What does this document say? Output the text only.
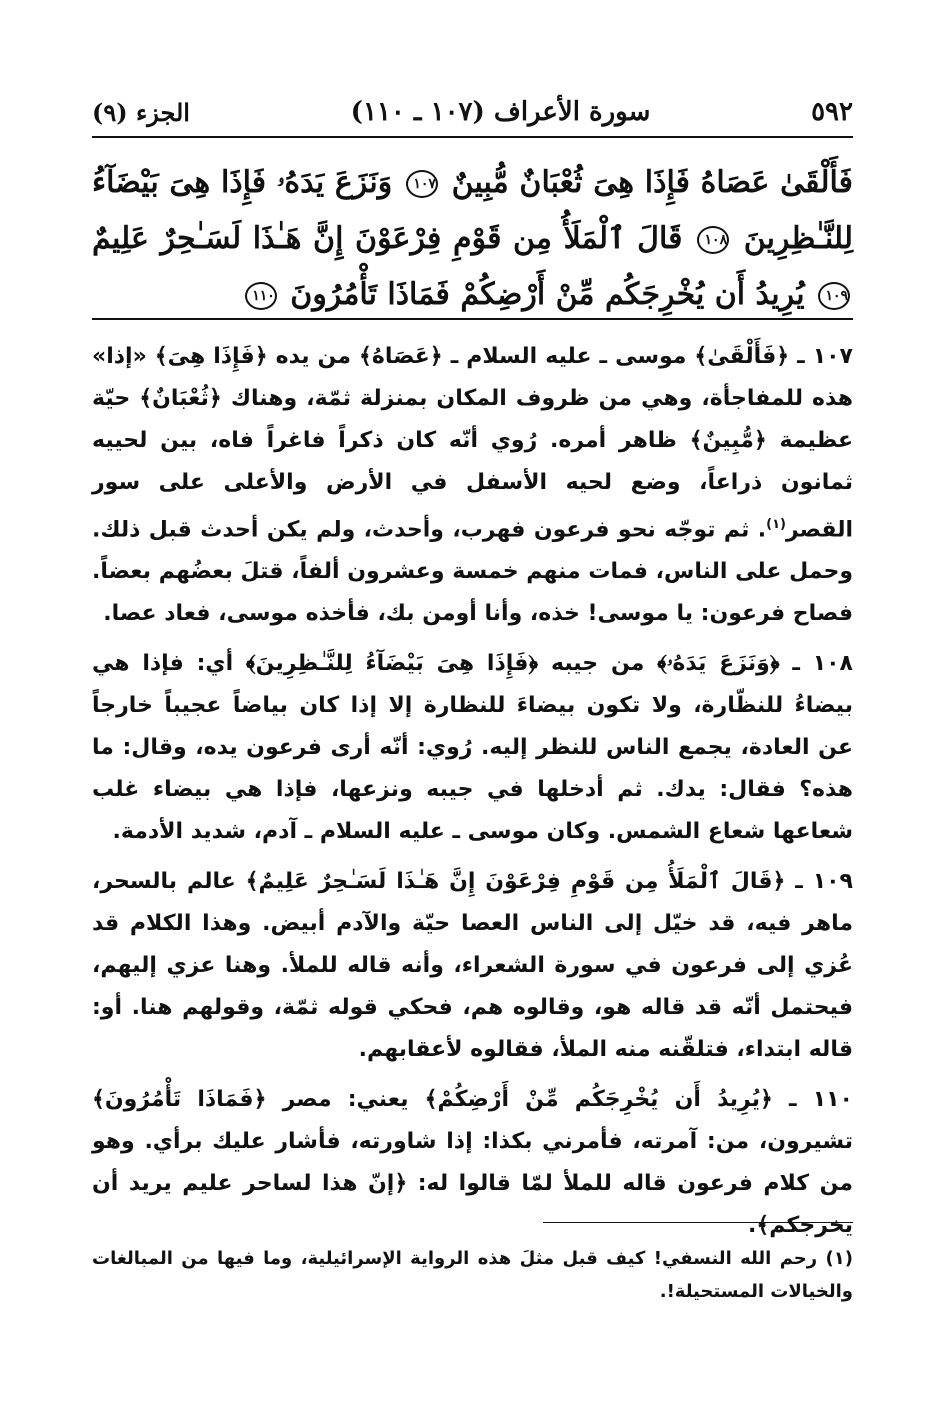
٥٩٢
سورة الأعراف (١٠٧ ـ ١١٠)
الجزء (٩)
فَأَلْقَىٰ عَصَاهُ فَإِذَا هِىَ ثُعْبَانٌ مُّبِينٌ ١٠٧ وَنَزَعَ يَدَهُۥ فَإِذَا هِىَ بَيْضَآءُ لِلنَّـٰظِرِينَ ١٠٨ قَالَ ٱلْمَلَأُ مِن قَوْمِ فِرْعَوْنَ إِنَّ هَـٰذَا لَسَـٰحِرٌ عَلِيمٌ ١٠٩ يُرِيدُ أَن يُخْرِجَكُم مِّنْ أَرْضِكُمْ فَمَاذَا تَأْمُرُونَ ١١٠

١٠٧ ـ ﴿فَأَلْقَىٰ﴾ موسى ـ عليه السلام ـ ﴿عَصَاهُ﴾ من يده ﴿فَإِذَا هِىَ﴾ «إذا» هذه للمفاجأة، وهي من ظروف المكان بمنزلة ثمّة، وهناك ﴿ثُعْبَانٌ﴾ حيّة عظيمة ﴿مُّبِينٌ﴾ ظاهر أمره. رُوي أنّه كان ذكراً فاغراً فاه، بين لحييه ثمانون ذراعاً، وضع لحيه الأسفل في الأرض والأعلى على سور القصر$^{(١)}$. ثم توجّه نحو فرعون فهرب، وأحدث، ولم يكن أحدث قبل ذلك. وحمل على الناس، فمات منهم خمسة وعشرون ألفاً، قتلَ بعضُهم بعضاً. فصاح فرعون: يا موسى! خذه، وأنا أومن بك، فأخذه موسى، فعاد عصا.

١٠٨ ـ ﴿وَنَزَعَ يَدَهُۥ﴾ من جيبه ﴿فَإِذَا هِىَ بَيْضَآءُ لِلنَّـٰظِرِينَ﴾ أي: فإذا هي بيضاءُ للنظّارة، ولا تكون بيضاءَ للنظارة إلا إذا كان بياضاً عجيباً خارجاً عن العادة، يجمع الناس للنظر إليه. رُوي: أنّه أرى فرعون يده، وقال: ما هذه؟ فقال: يدك. ثم أدخلها في جيبه ونزعها، فإذا هي بيضاء غلب شعاعها شعاع الشمس. وكان موسى ـ عليه السلام ـ آدم، شديد الأدمة.

١٠٩ ـ ﴿قَالَ ٱلْمَلَأُ مِن قَوْمِ فِرْعَوْنَ إِنَّ هَـٰذَا لَسَـٰحِرٌ عَلِيمٌ﴾ عالم بالسحر، ماهر فيه، قد خيّل إلى الناس العصا حيّة والآدم أبيض. وهذا الكلام قد عُزي إلى فرعون في سورة الشعراء، وأنه قاله للملأ. وهنا عزي إليهم، فيحتمل أنّه قد قاله هو، وقالوه هم، فحكي قوله ثمّة، وقولهم هنا. أو: قاله ابتداء، فتلقّنه منه الملأ، فقالوه لأعقابهم.

١١٠ ـ ﴿يُرِيدُ أَن يُخْرِجَكُم مِّنْ أَرْضِكُمْ﴾ يعني: مصر ﴿فَمَاذَا تَأْمُرُونَ﴾ تشيرون، من: آمرته، فأمرني بكذا: إذا شاورته، فأشار عليك برأي. وهو من كلام فرعون قاله للملأ لمّا قالوا له: ﴿إنّ هذا لساحر عليم يريد أن يخرجكم﴾.

(١) رحم الله النسفي! كيف قبل مثلَ هذه الرواية الإسرائيلية، وما فيها من المبالغات والخيالات المستحيلة!.
